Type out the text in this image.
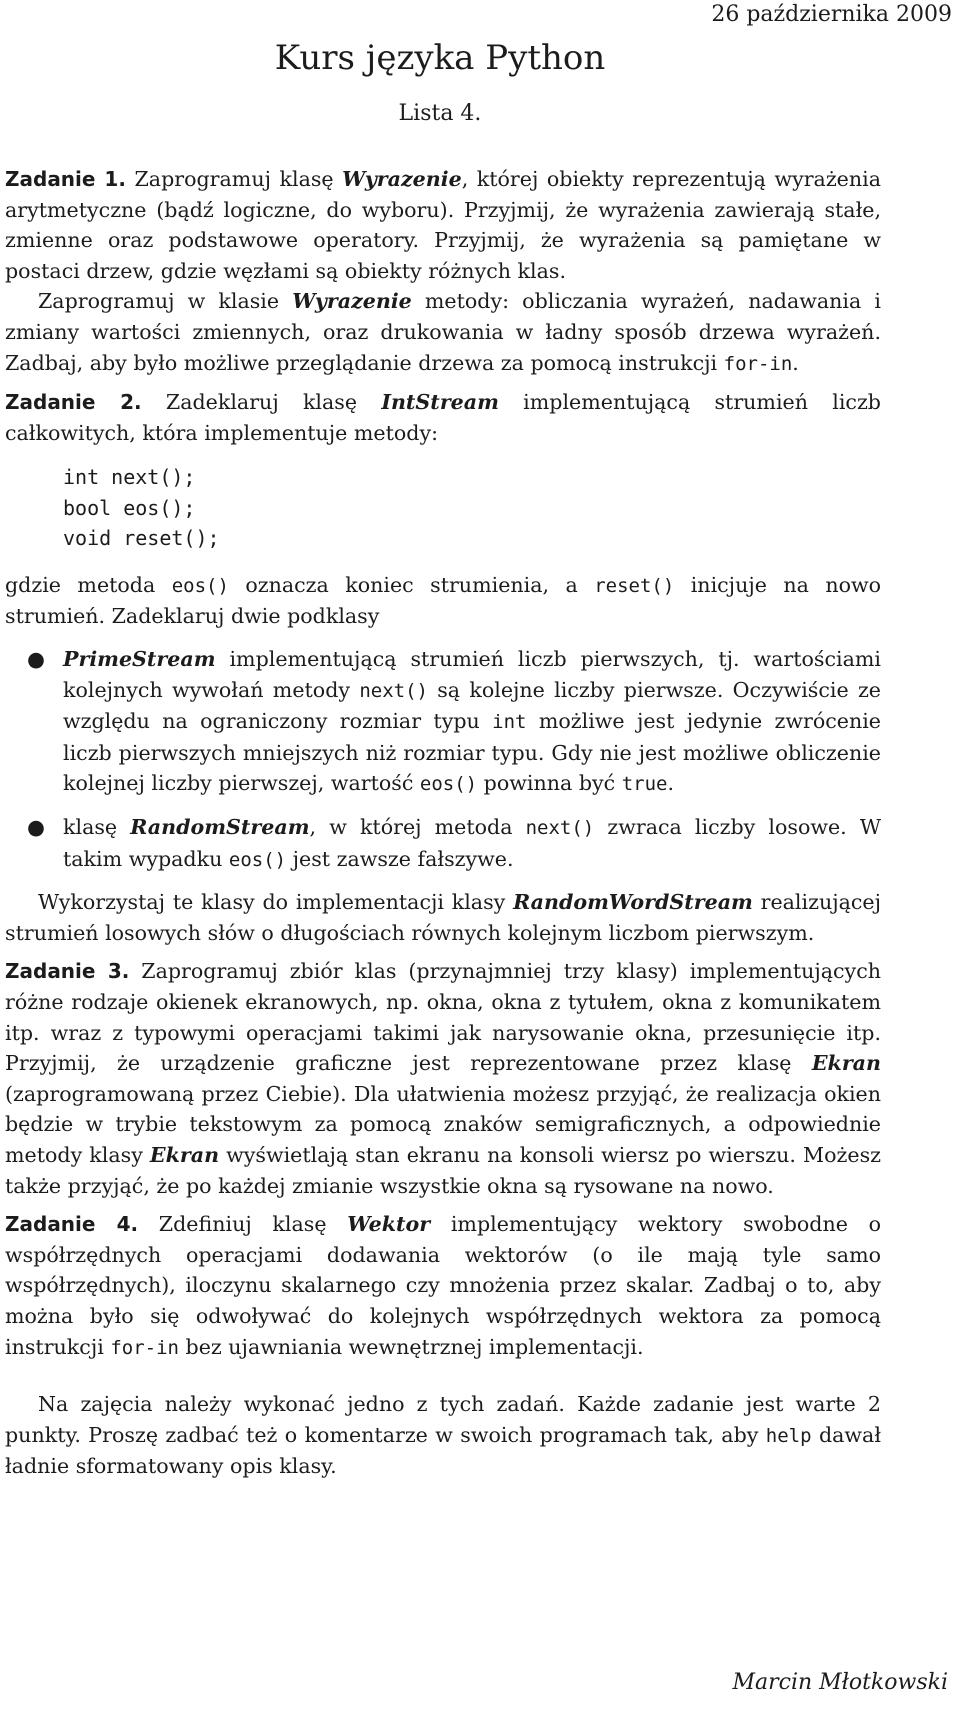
26 października 2009
Kurs języka Python
Lista 4.

Zadanie 1. Zaprogramuj klasę Wyrazenie, której obiekty reprezentują wyrażenia arytmetyczne (bądź logiczne, do wyboru). Przyjmij, że wyrażenia zawierają stałe, zmienne oraz podstawowe operatory. Przyjmij, że wyrażenia są pamiętane w postaci drzew, gdzie węzłami są obiekty różnych klas.

Zaprogramuj w klasie Wyrazenie metody: obliczania wyrażeń, nadawania i zmiany wartości zmiennych, oraz drukowania w ładny sposób drzewa wyrażeń. Zadbaj, aby było możliwe przeglądanie drzewa za pomocą instrukcji for-in.

Zadanie 2. Zadeklaruj klasę IntStream implementującą strumień liczb całkowitych, która implementuje metody:

int next();
bool eos();
void reset();

gdzie metoda eos() oznacza koniec strumienia, a reset() inicjuje na nowo strumień. Zadeklaruj dwie podklasy

● PrimeStream implementującą strumień liczb pierwszych, tj. wartościami kolejnych wywołań metody next() są kolejne liczby pierwsze. Oczywiście ze względu na ograniczony rozmiar typu int możliwe jest jedynie zwrócenie liczb pierwszych mniejszych niż rozmiar typu. Gdy nie jest możliwe obliczenie kolejnej liczby pierwszej, wartość eos() powinna być true.
● klasę RandomStream, w której metoda next() zwraca liczby losowe. W takim wypadku eos() jest zawsze fałszywe.

Wykorzystaj te klasy do implementacji klasy RandomWordStream realizującej strumień losowych słów o długościach równych kolejnym liczbom pierwszym.

Zadanie 3. Zaprogramuj zbiór klas (przynajmniej trzy klasy) implementujących różne rodzaje okienek ekranowych, np. okna, okna z tytułem, okna z komunikatem itp. wraz z typowymi operacjami takimi jak narysowanie okna, przesunięcie itp. Przyjmij, że urządzenie graficzne jest reprezentowane przez klasę Ekran (zaprogramowaną przez Ciebie). Dla ułatwienia możesz przyjąć, że realizacja okien będzie w trybie tekstowym za pomocą znaków semigraficznych, a odpowiednie metody klasy Ekran wyświetlają stan ekranu na konsoli wiersz po wierszu. Możesz także przyjąć, że po każdej zmianie wszystkie okna są rysowane na nowo.

Zadanie 4. Zdefiniuj klasę Wektor implementujący wektory swobodne o współrzędnych operacjami dodawania wektorów (o ile mają tyle samo współrzędnych), iloczynu skalarnego czy mnożenia przez skalar. Zadbaj o to, aby można było się odwoływać do kolejnych współrzędnych wektora za pomocą instrukcji for-in bez ujawniania wewnętrznej implementacji.

Na zajęcia należy wykonać jedno z tych zadań. Każde zadanie jest warte 2 punkty. Proszę zadbać też o komentarze w swoich programach tak, aby help dawał ładnie sformatowany opis klasy.

Marcin Młotkowski
